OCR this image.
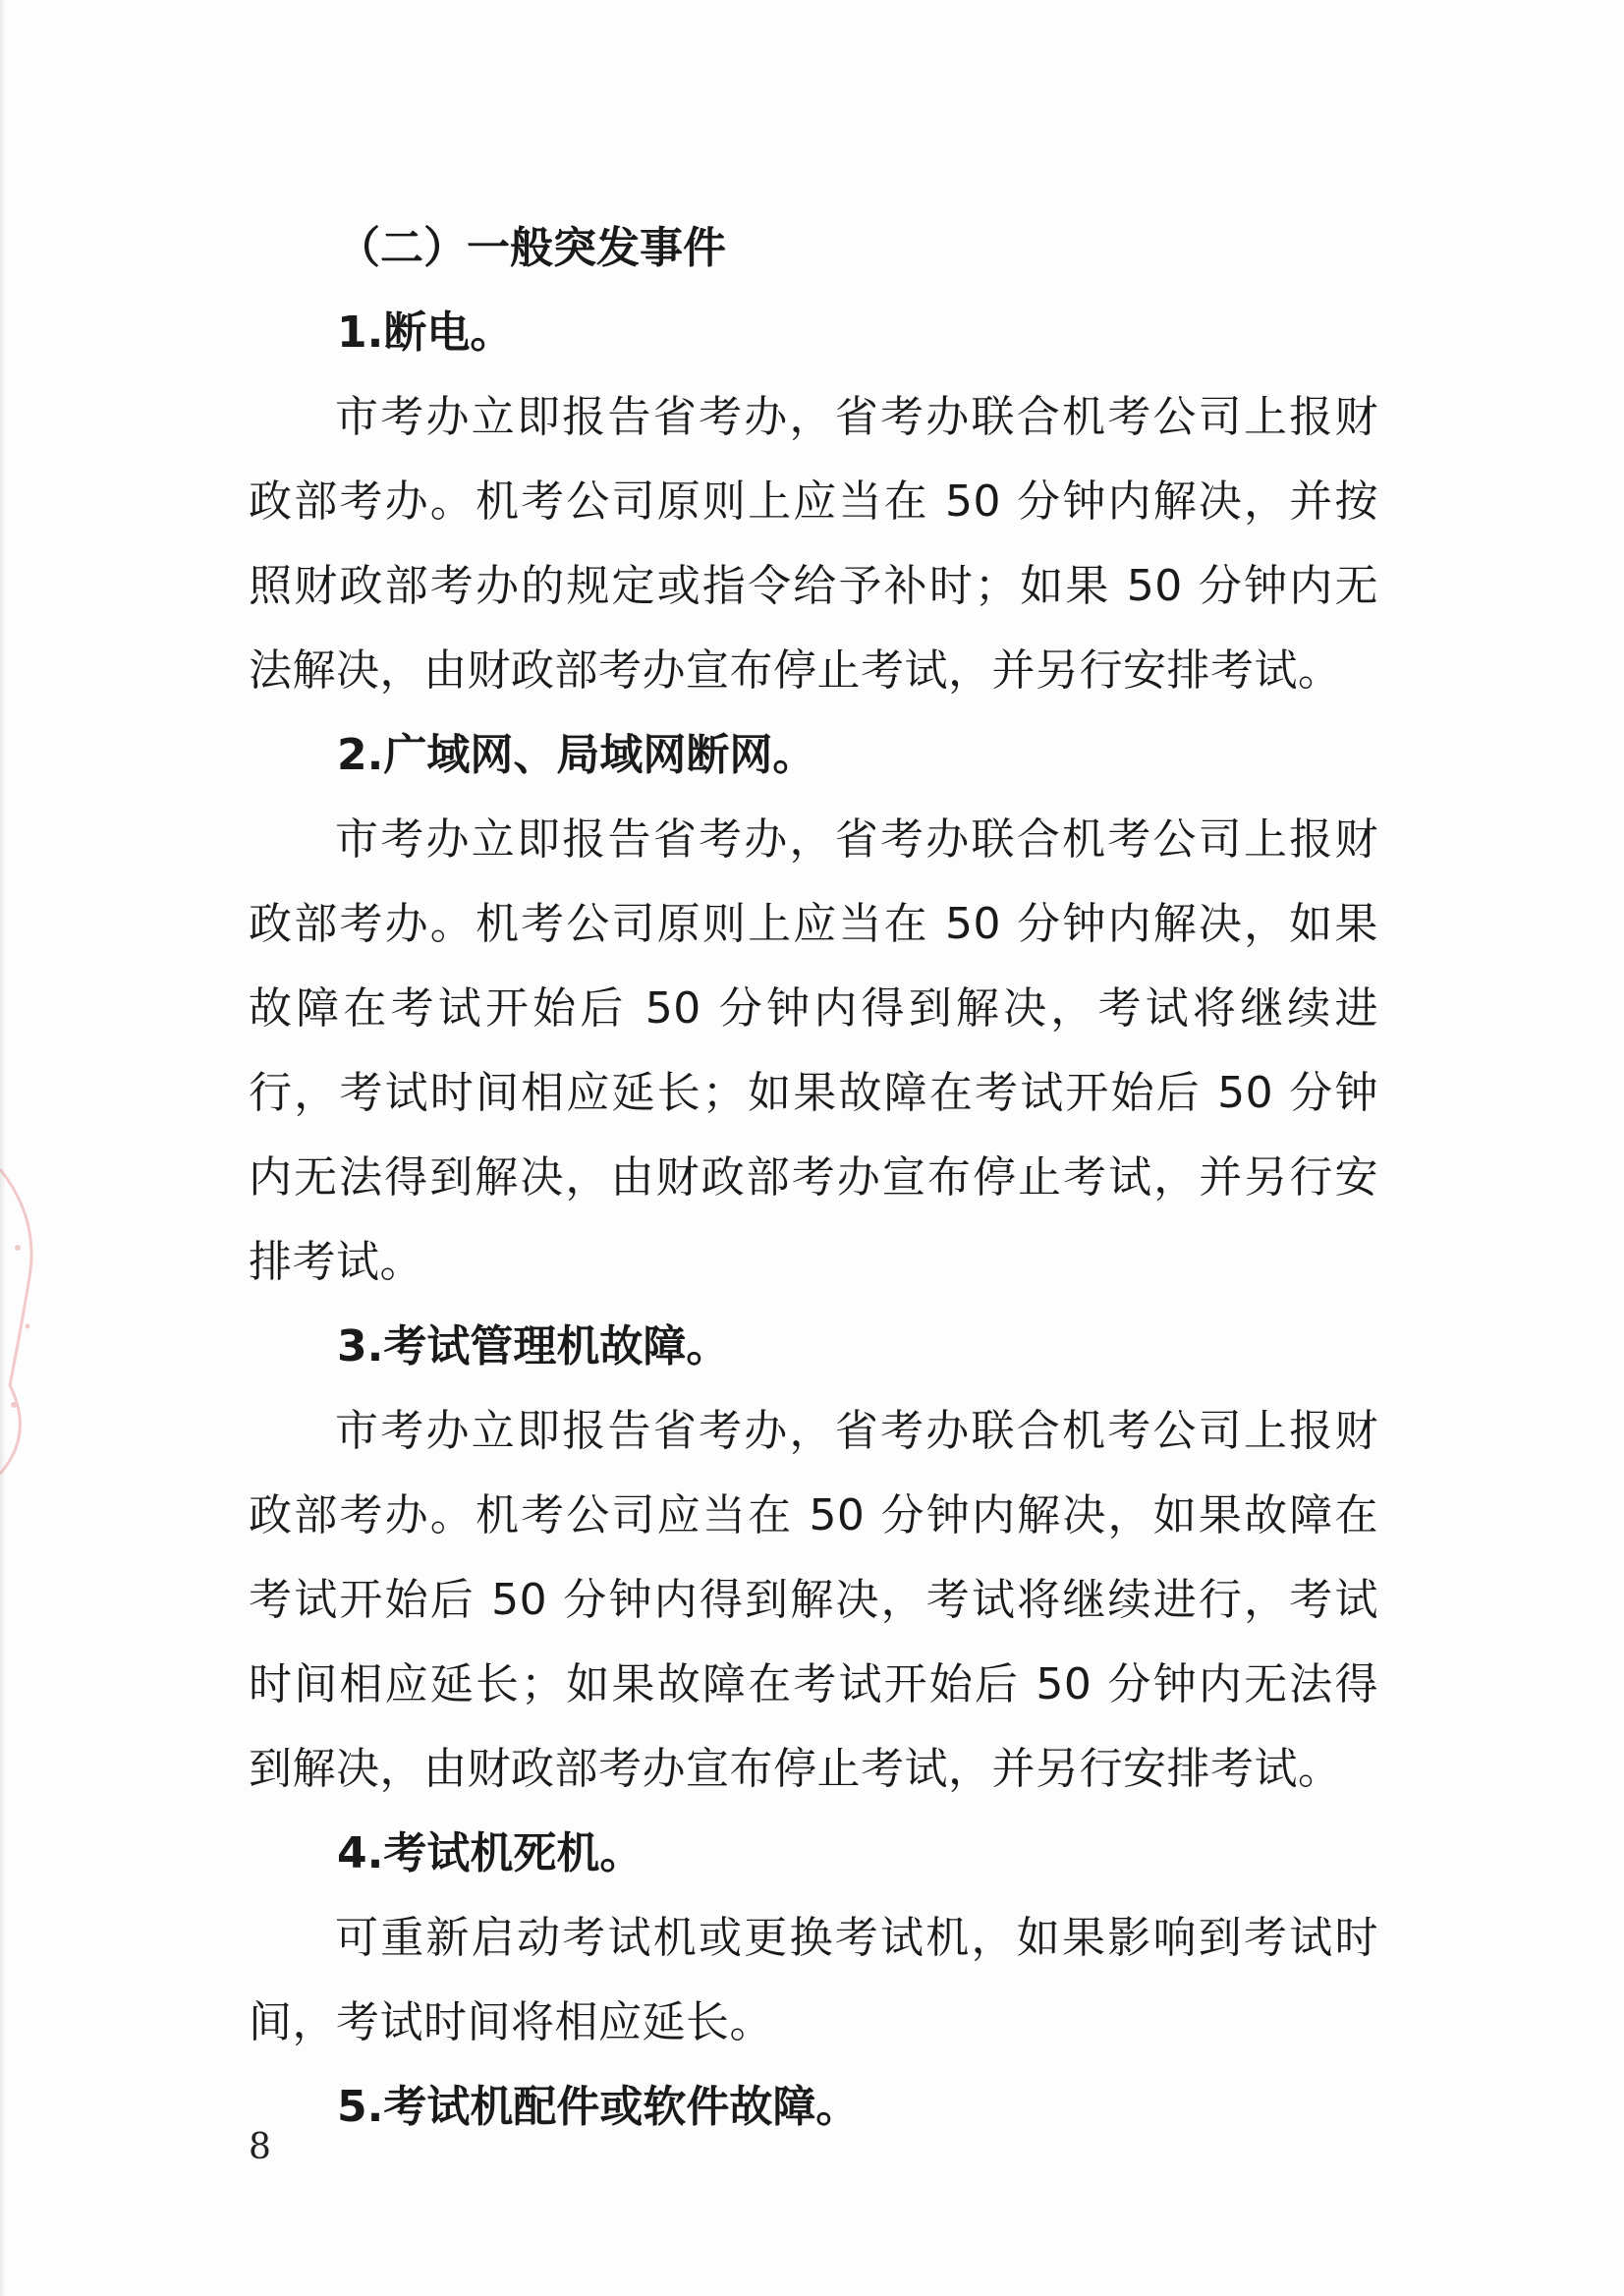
（二）一般突发事件

1.断电。

市考办立即报告省考办，省考办联合机考公司上报财政部考办。机考公司原则上应当在 50 分钟内解决，并按照财政部考办的规定或指令给予补时；如果 50 分钟内无法解决，由财政部考办宣布停止考试，并另行安排考试。

2.广域网、局域网断网。

市考办立即报告省考办，省考办联合机考公司上报财政部考办。机考公司原则上应当在 50 分钟内解决，如果故障在考试开始后 50 分钟内得到解决，考试将继续进行，考试时间相应延长；如果故障在考试开始后 50 分钟内无法得到解决，由财政部考办宣布停止考试，并另行安排考试。

3.考试管理机故障。

市考办立即报告省考办，省考办联合机考公司上报财政部考办。机考公司应当在 50 分钟内解决，如果故障在考试开始后 50 分钟内得到解决，考试将继续进行，考试时间相应延长；如果故障在考试开始后 50 分钟内无法得到解决，由财政部考办宣布停止考试，并另行安排考试。

4.考试机死机。

可重新启动考试机或更换考试机，如果影响到考试时间，考试时间将相应延长。

5.考试机配件或软件故障。

8
